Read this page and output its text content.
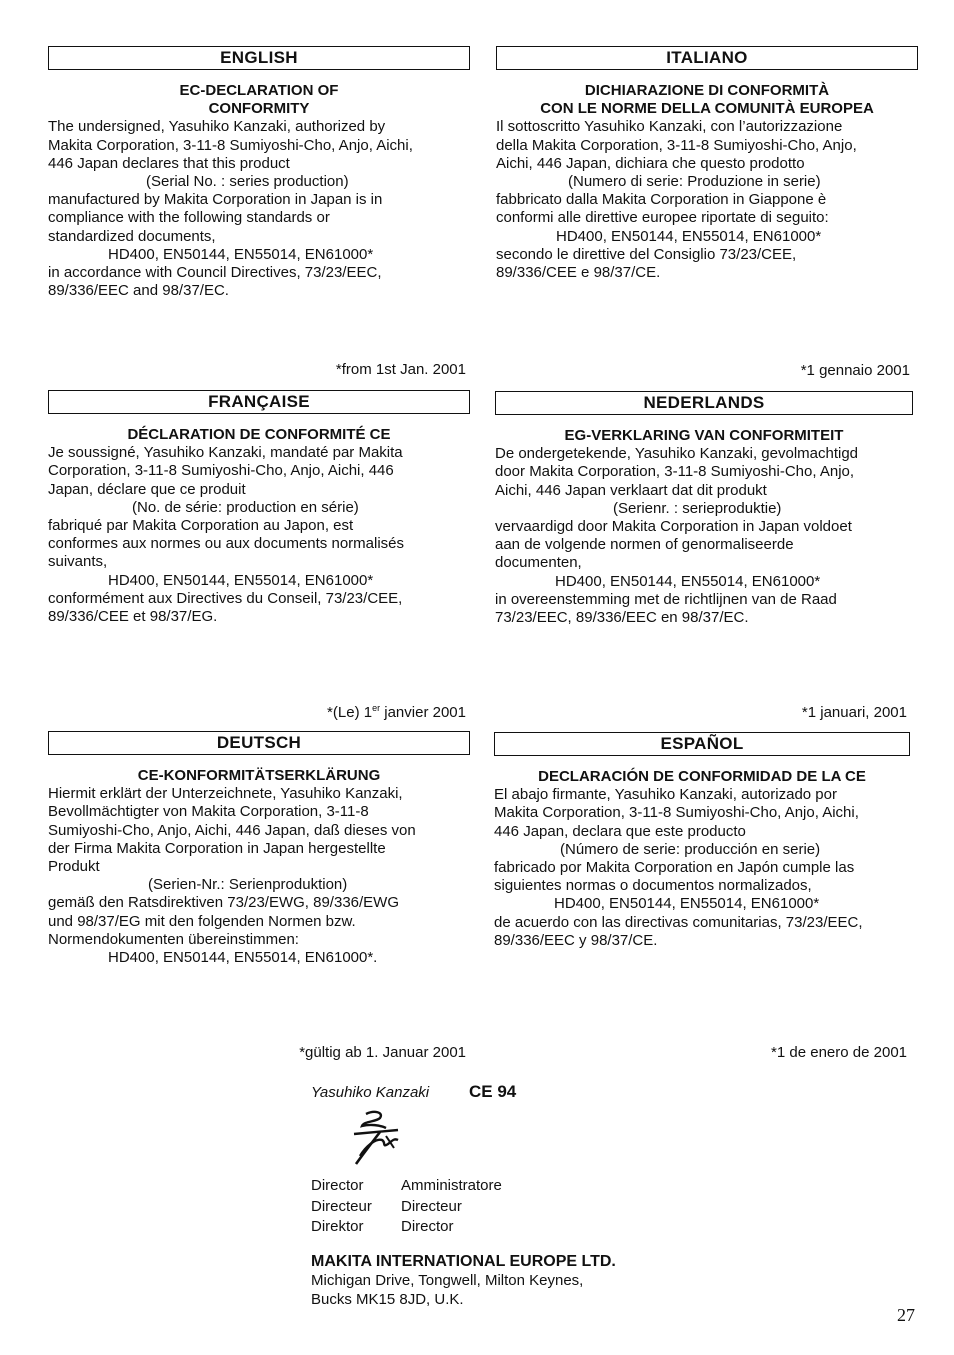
ENGLISH
EC-DECLARATION OF
CONFORMITY
The undersigned, Yasuhiko Kanzaki, authorized by
Makita Corporation, 3-11-8 Sumiyoshi-Cho, Anjo, Aichi,
446 Japan declares that this product
(Serial No. : series production)
manufactured by Makita Corporation in Japan is in
compliance with the following standards or
standardized documents,
HD400, EN50144, EN55014, EN61000*
in accordance with Council Directives, 73/23/EEC,
89/336/EEC and 98/37/EC.
*from 1st Jan. 2001
ITALIANO
DICHIARAZIONE DI CONFORMITÀ
CON LE NORME DELLA COMUNITÀ EUROPEA
Il sottoscritto Yasuhiko Kanzaki, con l’autorizzazione
della Makita Corporation, 3-11-8 Sumiyoshi-Cho, Anjo,
Aichi, 446 Japan, dichiara che questo prodotto
(Numero di serie: Produzione in serie)
fabbricato dalla Makita Corporation in Giappone è
conformi alle direttive europee riportate di seguito:
HD400, EN50144, EN55014, EN61000*
secondo le direttive del Consiglio 73/23/CEE,
89/336/CEE e 98/37/CE.
*1 gennaio 2001
FRANÇAISE
DÉCLARATION DE CONFORMITÉ CE
Je soussigné, Yasuhiko Kanzaki, mandaté par Makita
Corporation, 3-11-8 Sumiyoshi-Cho, Anjo, Aichi, 446
Japan, déclare que ce produit
(No. de série: production en série)
fabriqué par Makita Corporation au Japon, est
conformes aux normes ou aux documents normalisés
suivants,
HD400, EN50144, EN55014, EN61000*
conformément aux Directives du Conseil, 73/23/CEE,
89/336/CEE et 98/37/EG.
*(Le) 1er janvier 2001
NEDERLANDS
EG-VERKLARING VAN CONFORMITEIT
De ondergetekende, Yasuhiko Kanzaki, gevolmachtigd
door Makita Corporation, 3-11-8 Sumiyoshi-Cho, Anjo,
Aichi, 446 Japan verklaart dat dit produkt
(Serienr. : serieproduktie)
vervaardigd door Makita Corporation in Japan voldoet
aan de volgende normen of genormaliseerde
documenten,
HD400, EN50144, EN55014, EN61000*
in overeenstemming met de richtlijnen van de Raad
73/23/EEC, 89/336/EEC en 98/37/EC.
*1 januari, 2001
DEUTSCH
CE-KONFORMITÄTSERKLÄRUNG
Hiermit erklärt der Unterzeichnete, Yasuhiko Kanzaki,
Bevollmächtigter von Makita Corporation, 3-11-8
Sumiyoshi-Cho, Anjo, Aichi, 446 Japan, daß dieses von
der Firma Makita Corporation in Japan hergestellte
Produkt
(Serien-Nr.: Serienproduktion)
gemäß den Ratsdirektiven 73/23/EWG, 89/336/EWG
und 98/37/EG mit den folgenden Normen bzw.
Normendokumenten übereinstimmen:
HD400, EN50144, EN55014, EN61000*.
*gültig ab 1. Januar 2001
ESPAÑOL
DECLARACIÓN DE CONFORMIDAD DE LA CE
El abajo firmante, Yasuhiko Kanzaki, autorizado por
Makita Corporation, 3-11-8 Sumiyoshi-Cho, Anjo, Aichi,
446 Japan, declara que este producto
(Número de serie: producción en serie)
fabricado por Makita Corporation en Japón cumple las
siguientes normas o documentos normalizados,
HD400, EN50144, EN55014, EN61000*
de acuerdo con las directivas comunitarias, 73/23/EEC,
89/336/EEC y 98/37/CE.
*1 de enero de 2001
Yasuhiko Kanzaki CE 94
Director
Directeur
Direktor
Amministratore
Directeur
Director
MAKITA INTERNATIONAL EUROPE LTD.
Michigan Drive, Tongwell, Milton Keynes,
Bucks MK15 8JD, U.K.
27
